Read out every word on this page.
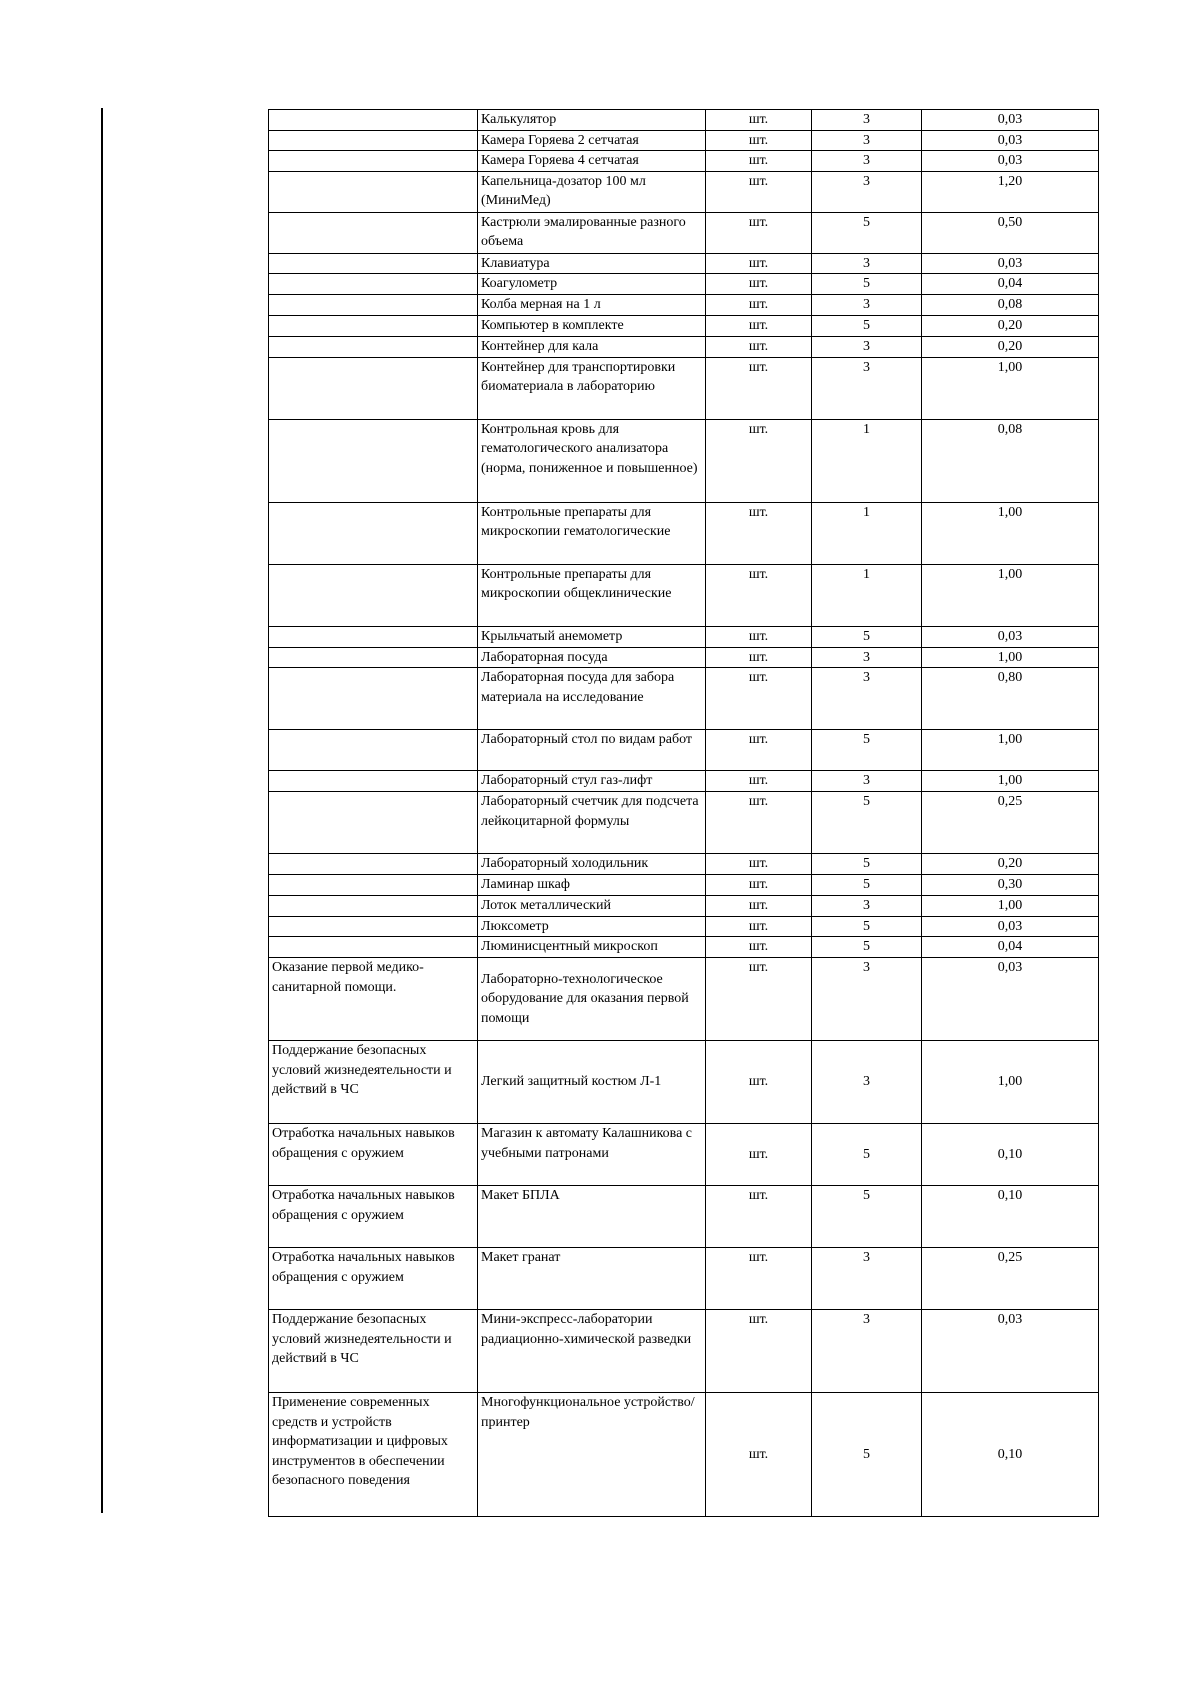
	Калькулятор	шт.	3	0,03
	Камера Горяева 2 сетчатая	шт.	3	0,03
	Камера Горяева 4 сетчатая	шт.	3	0,03
	Капельница-дозатор 100 мл (МиниМед)	шт.	3	1,20
	Кастрюли эмалированные разного объема	шт.	5	0,50
	Клавиатура	шт.	3	0,03
	Коагулометр	шт.	5	0,04
	Колба мерная на 1 л	шт.	3	0,08
	Компьютер в комплекте	шт.	5	0,20
	Контейнер для кала	шт.	3	0,20
	Контейнер для транспортировки биоматериала в лабораторию	шт.	3	1,00
	Контрольная кровь для гематологического анализатора (норма, пониженное и повышенное)	шт.	1	0,08
	Контрольные препараты для микроскопии гематологические	шт.	1	1,00
	Контрольные препараты для микроскопии общеклинические	шт.	1	1,00
	Крыльчатый анемометр	шт.	5	0,03
	Лабораторная посуда	шт.	3	1,00
	Лабораторная посуда для забора материала на исследование	шт.	3	0,80
	Лабораторный стол по видам работ	шт.	5	1,00
	Лабораторный стул газ-лифт	шт.	3	1,00
	Лабораторный счетчик для подсчета лейкоцитарной формулы	шт.	5	0,25
	Лабораторный холодильник	шт.	5	0,20
	Ламинар шкаф	шт.	5	0,30
	Лоток металлический	шт.	3	1,00
	Люксометр	шт.	5	0,03
	Люминисцентный микроскоп	шт.	5	0,04
Оказание первой медико-санитарной помощи.	Лабораторно-технологическое оборудование для оказания первой помощи	шт.	3	0,03
Поддержание безопасных условий жизнедеятельности и действий в ЧС	Легкий защитный костюм Л-1	шт.	3	1,00
Отработка начальных навыков обращения с оружием	Магазин к автомату Калашникова с учебными патронами	шт.	5	0,10
Отработка начальных навыков обращения с оружием	Макет БПЛА	шт.	5	0,10
Отработка начальных навыков обращения с оружием	Макет гранат	шт.	3	0,25
Поддержание безопасных условий жизнедеятельности и действий в ЧС	Мини-экспресс-лаборатории радиационно-химической разведки	шт.	3	0,03
Применение современных средств и устройств информатизации и цифровых инструментов в обеспечении безопасного поведения	Многофункциональное устройство/принтер	шт.	5	0,10
